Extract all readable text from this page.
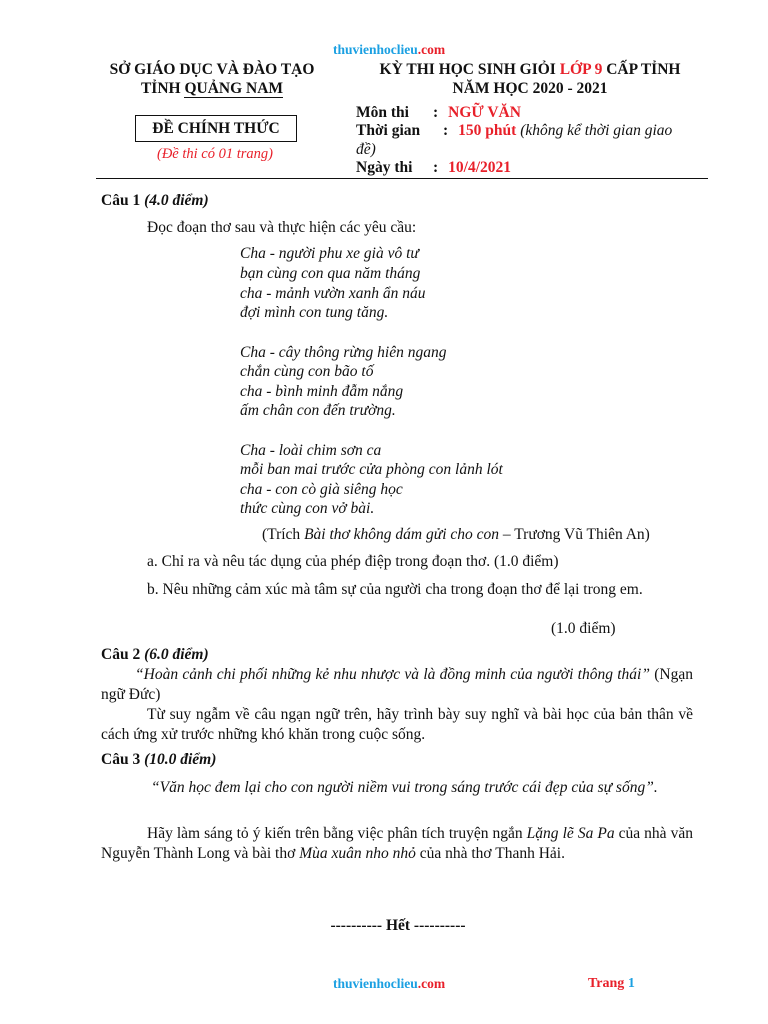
thuvienhoclieu.com
SỞ GIÁO DỤC VÀ ĐÀO TẠO
TỈNH QUẢNG NAM
KỲ THI HỌC SINH GIỎI LỚP 9 CẤP TỈNH
NĂM HỌC 2020 - 2021
ĐỀ CHÍNH THỨC
(Đề thi có 01 trang)
Môn thi : NGỮ VĂN
Thời gian : 150 phút (không kể thời gian giao
đề)
Ngày thi : 10/4/2021
Câu 1 (4.0 điểm)
Đọc đoạn thơ sau và thực hiện các yêu cầu:
Cha - người phu xe già vô tư
bạn cùng con qua năm tháng
cha - mảnh vườn xanh ẩn náu
đợi mình con tung tăng.
Cha - cây thông rừng hiên ngang
chắn cùng con bão tố
cha - bình minh đẫm nắng
ấm chân con đến trường.
Cha - loài chim sơn ca
mỗi ban mai trước cửa phòng con lảnh lót
cha - con cò già siêng học
thức cùng con vở bài.
(Trích Bài thơ không dám gửi cho con – Trương Vũ Thiên An)
a. Chỉ ra và nêu tác dụng của phép điệp trong đoạn thơ. (1.0 điểm)
b. Nêu những cảm xúc mà tâm sự của người cha trong đoạn thơ để lại trong em.
(1.0 điểm)
Câu 2 (6.0 điểm)
“Hoàn cảnh chi phối những kẻ nhu nhược và là đồng minh của người thông thái” (Ngạn ngữ Đức)
Từ suy ngẫm về câu ngạn ngữ trên, hãy trình bày suy nghĩ và bài học của bản thân về cách ứng xử trước những khó khăn trong cuộc sống.
Câu 3 (10.0 điểm)
“Văn học đem lại cho con người niềm vui trong sáng trước cái đẹp của sự sống”.
Hãy làm sáng tỏ ý kiến trên bằng việc phân tích truyện ngắn Lặng lẽ Sa Pa của nhà văn Nguyễn Thành Long và bài thơ Mùa xuân nho nhỏ của nhà thơ Thanh Hải.
---------- Hết ----------
thuvienhoclieu.com	Trang 1
